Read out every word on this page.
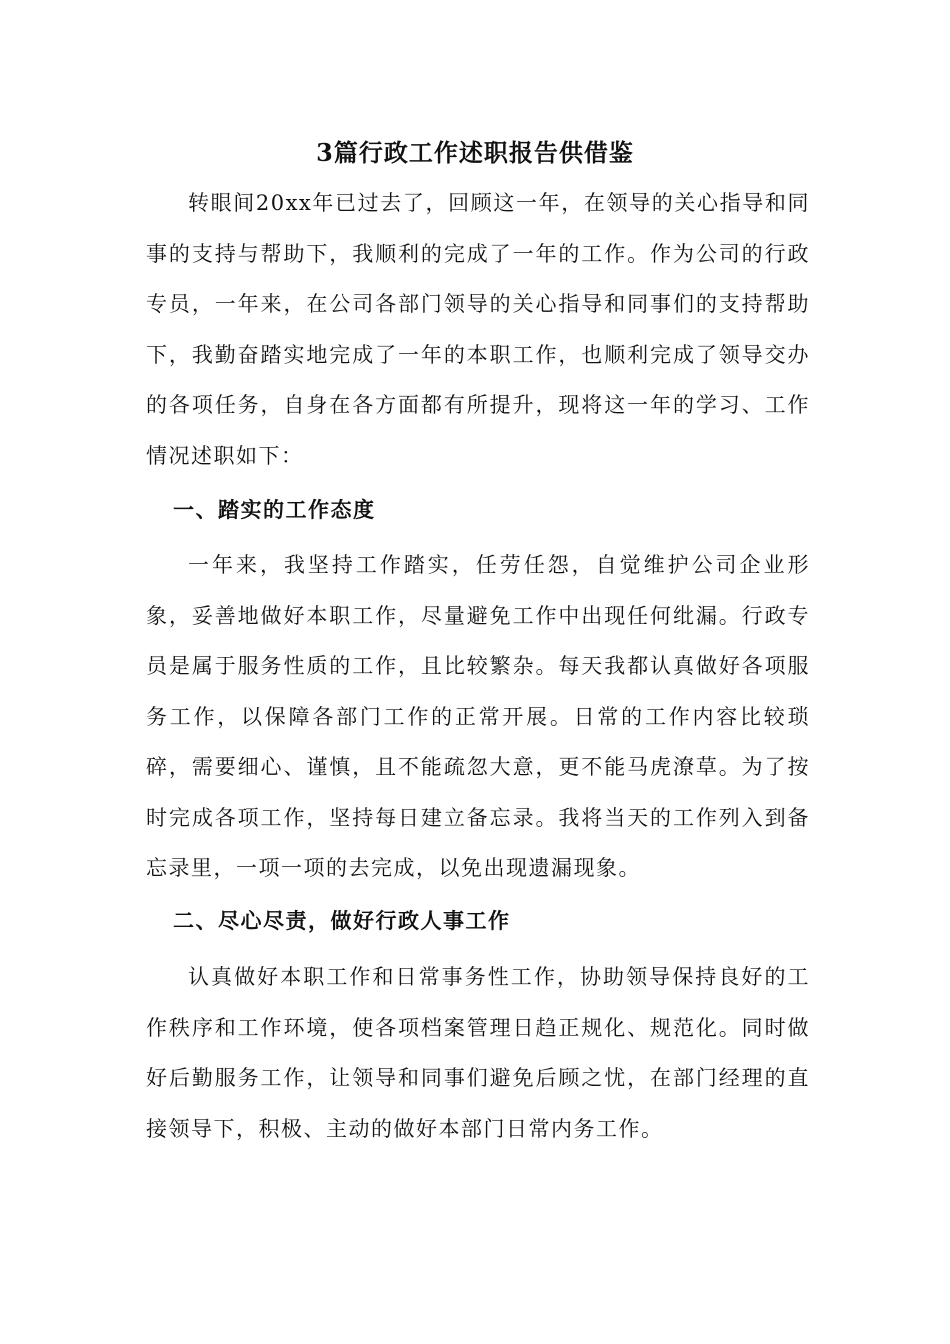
3篇行政工作述职报告供借鉴

转眼间20xx年已过去了，回顾这一年，在领导的关心指导和同事的支持与帮助下，我顺利的完成了一年的工作。作为公司的行政专员，一年来，在公司各部门领导的关心指导和同事们的支持帮助下，我勤奋踏实地完成了一年的本职工作，也顺利完成了领导交办的各项任务，自身在各方面都有所提升，现将这一年的学习、工作情况述职如下：

一、踏实的工作态度

一年来，我坚持工作踏实，任劳任怨，自觉维护公司企业形象，妥善地做好本职工作，尽量避免工作中出现任何纰漏。行政专员是属于服务性质的工作，且比较繁杂。每天我都认真做好各项服务工作，以保障各部门工作的正常开展。日常的工作内容比较琐碎，需要细心、谨慎，且不能疏忽大意，更不能马虎潦草。为了按时完成各项工作，坚持每日建立备忘录。我将当天的工作列入到备忘录里，一项一项的去完成，以免出现遗漏现象。

二、尽心尽责，做好行政人事工作

认真做好本职工作和日常事务性工作，协助领导保持良好的工作秩序和工作环境，使各项档案管理日趋正规化、规范化。同时做好后勤服务工作，让领导和同事们避免后顾之忧，在部门经理的直接领导下，积极、主动的做好本部门日常内务工作。
